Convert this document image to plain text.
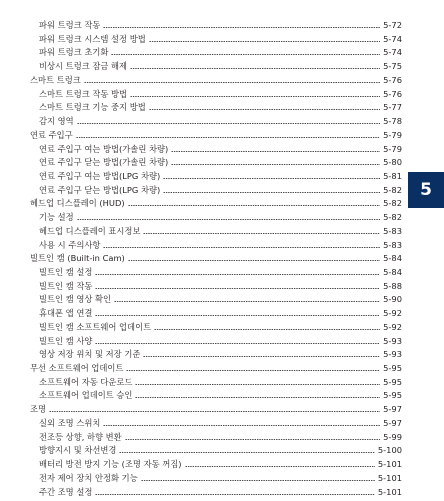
파워 트렁크 작동	5-72
파워 트렁크 시스템 설정 방법	5-74
파워 트렁크 초기화	5-74
비상시 트렁크 잠금 해제	5-75
스마트 트렁크	5-76
스마트 트렁크 작동 방법	5-76
스마트 트렁크 기능 중지 방법	5-77
감지 영역	5-78
연료 주입구	5-79
연료 주입구 여는 방법(가솔린 차량)	5-79
연료 주입구 닫는 방법(가솔린 차량)	5-80
연료 주입구 여는 방법(LPG 차량)	5-81
연료 주입구 닫는 방법(LPG 차량)	5-82
헤드업 디스플레이 (HUD)	5-82
기능 설정	5-82
헤드업 디스플레이 표시정보	5-83
사용 시 주의사항	5-83
빌트인 캠 (Built-in Cam)	5-84
빌트인 캠 설정	5-84
빌트인 캠 작동	5-88
빌트인 캠 영상 확인	5-90
휴대폰 앱 연결	5-92
빌트인 캠 소프트웨어 업데이트	5-92
빌트인 캠 사양	5-93
영상 저장 위치 및 저장 기준	5-93
무선 소프트웨어 업데이트	5-95
소프트웨어 자동 다운로드	5-95
소프트웨어 업데이트 승인	5-95
조명	5-97
실외 조명 스위치	5-97
전조등 상향, 하향 변환	5-99
방향지시 및 차선변경	5-100
배터리 방전 방지 기능 (조명 자동 꺼짐)	5-101
전자 제어 장치 안정화 기능	5-101
주간 조명 설정	5-101
5
